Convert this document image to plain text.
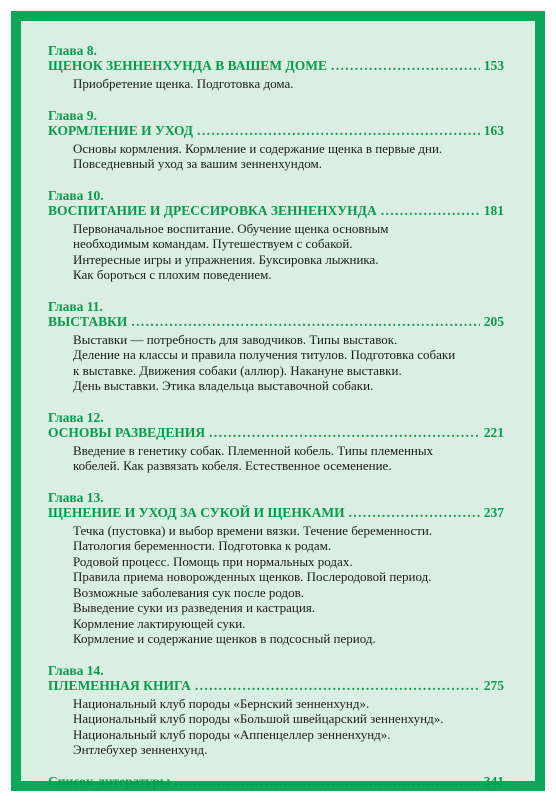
Глава 8.
ЩЕНОК ЗЕННЕНХУНДА В ВАШЕМ ДОМЕ . . .	153
Приобретение щенка. Подготовка дома.
Глава 9.
КОРМЛЕНИЕ И УХОД . . .	163
Основы кормления. Кормление и содержание щенка в первые дни.
Повседневный уход за вашим зенненхундом.
Глава 10.
ВОСПИТАНИЕ И ДРЕССИРОВКА ЗЕННЕНХУНДА . . .	181
Первоначальное воспитание. Обучение щенка основным
необходимым командам. Путешествуем с собакой.
Интересные игры и упражнения. Буксировка лыжника.
Как бороться с плохим поведением.
Глава 11.
ВЫСТАВКИ . . .	205
Выставки — потребность для заводчиков. Типы выставок.
Деление на классы и правила получения титулов. Подготовка собаки
к выставке. Движения собаки (аллюр). Накануне выставки.
День выставки. Этика владельца выставочной собаки.
Глава 12.
ОСНОВЫ РАЗВЕДЕНИЯ . . .	221
Введение в генетику собак. Племенной кобель. Типы племенных
кобелей. Как развязать кобеля. Естественное осеменение.
Глава 13.
ЩЕНЕНИЕ И УХОД ЗА СУКОЙ И ЩЕНКАМИ . . .	237
Течка (пустовка) и выбор времени вязки. Течение беременности.
Патология беременности. Подготовка к родам.
Родовой процесс. Помощь при нормальных родах.
Правила приема новорожденных щенков. Послеродовой период.
Возможные заболевания сук после родов.
Выведение суки из разведения и кастрация.
Кормление лактирующей суки.
Кормление и содержание щенков в подсосный период.
Глава 14.
ПЛЕМЕННАЯ КНИГА . . .	275
Национальный клуб породы «Бернский зенненхунд».
Национальный клуб породы «Большой швейцарский зенненхунд».
Национальный клуб породы «Аппенцеллер зенненхунд».
Энтлебухер зенненхунд.
Список литературы . . .	341
